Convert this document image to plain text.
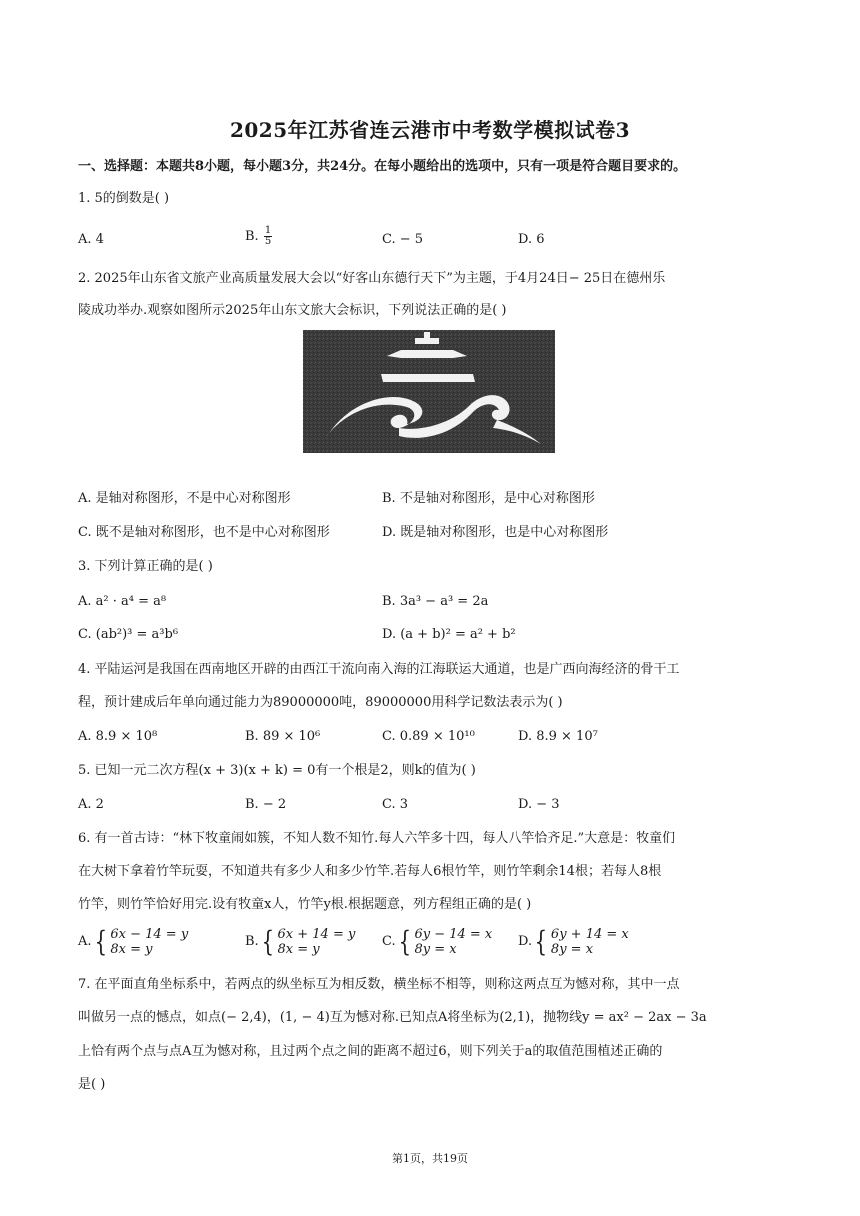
2025年江苏省连云港市中考数学模拟试卷3
一、选择题：本题共8小题，每小题3分，共24分。在每小题给出的选项中，只有一项是符合题目要求的。
1. 5的倒数是( )
A. 4	B. $\frac{1}{5}$	C. − 5	D. 6
2. 2025年山东省文旅产业高质量发展大会以“好客山东德行天下”为主题，于4月24日− 25日在德州乐
陵成功举办.观察如图所示2025年山东文旅大会标识，下列说法正确的是( )
A. 是轴对称图形，不是中心对称图形	B. 不是轴对称图形，是中心对称图形
C. 既不是轴对称图形，也不是中心对称图形	D. 既是轴对称图形，也是中心对称图形
3. 下列计算正确的是( )
A. a² · a⁴ = a⁸	B. 3a³ − a³ = 2a
C. (ab²)³ = a³b⁶	D. (a + b)² = a² + b²
4. 平陆运河是我国在西南地区开辟的由西江干流向南入海的江海联运大通道，也是广西向海经济的骨干工
程，预计建成后年单向通过能力为89000000吨，89000000用科学记数法表示为( )
A. 8.9 × 10⁸	B. 89 × 10⁶	C. 0.89 × 10¹⁰	D. 8.9 × 10⁷
5. 已知一元二次方程(x + 3)(x + k) = 0有一个根是2，则k的值为( )
A. 2	B. − 2	C. 3	D. − 3
6. 有一首古诗：“林下牧童闹如簇，不知人数不知竹.每人六竿多十四，每人八竿恰齐足.”大意是：牧童们
在大树下拿着竹竿玩耍，不知道共有多少人和多少竹竿.若每人6根竹竿，则竹竿剩余14根；若每人8根
竹竿，则竹竿恰好用完.设有牧童x人，竹竿y根.根据题意，列方程组正确的是( )
A. { 6x − 14 = y
8x = y
B. { 6x + 14 = y
8x = y
C. { 6y − 14 = x
8y = x
D. { 6y + 14 = x
8y = x
7. 在平面直角坐标系中，若两点的纵坐标互为相反数，横坐标不相等，则称这两点互为憾对称，其中一点
叫做另一点的憾点，如点(− 2,4)，(1, − 4)互为憾对称.已知点A将坐标为(2,1)，抛物线y = ax² − 2ax − 3a
上恰有两个点与点A互为憾对称，且过两个点之间的距离不超过6，则下列关于a的取值范围植述正确的
是( )
第1页，共19页
